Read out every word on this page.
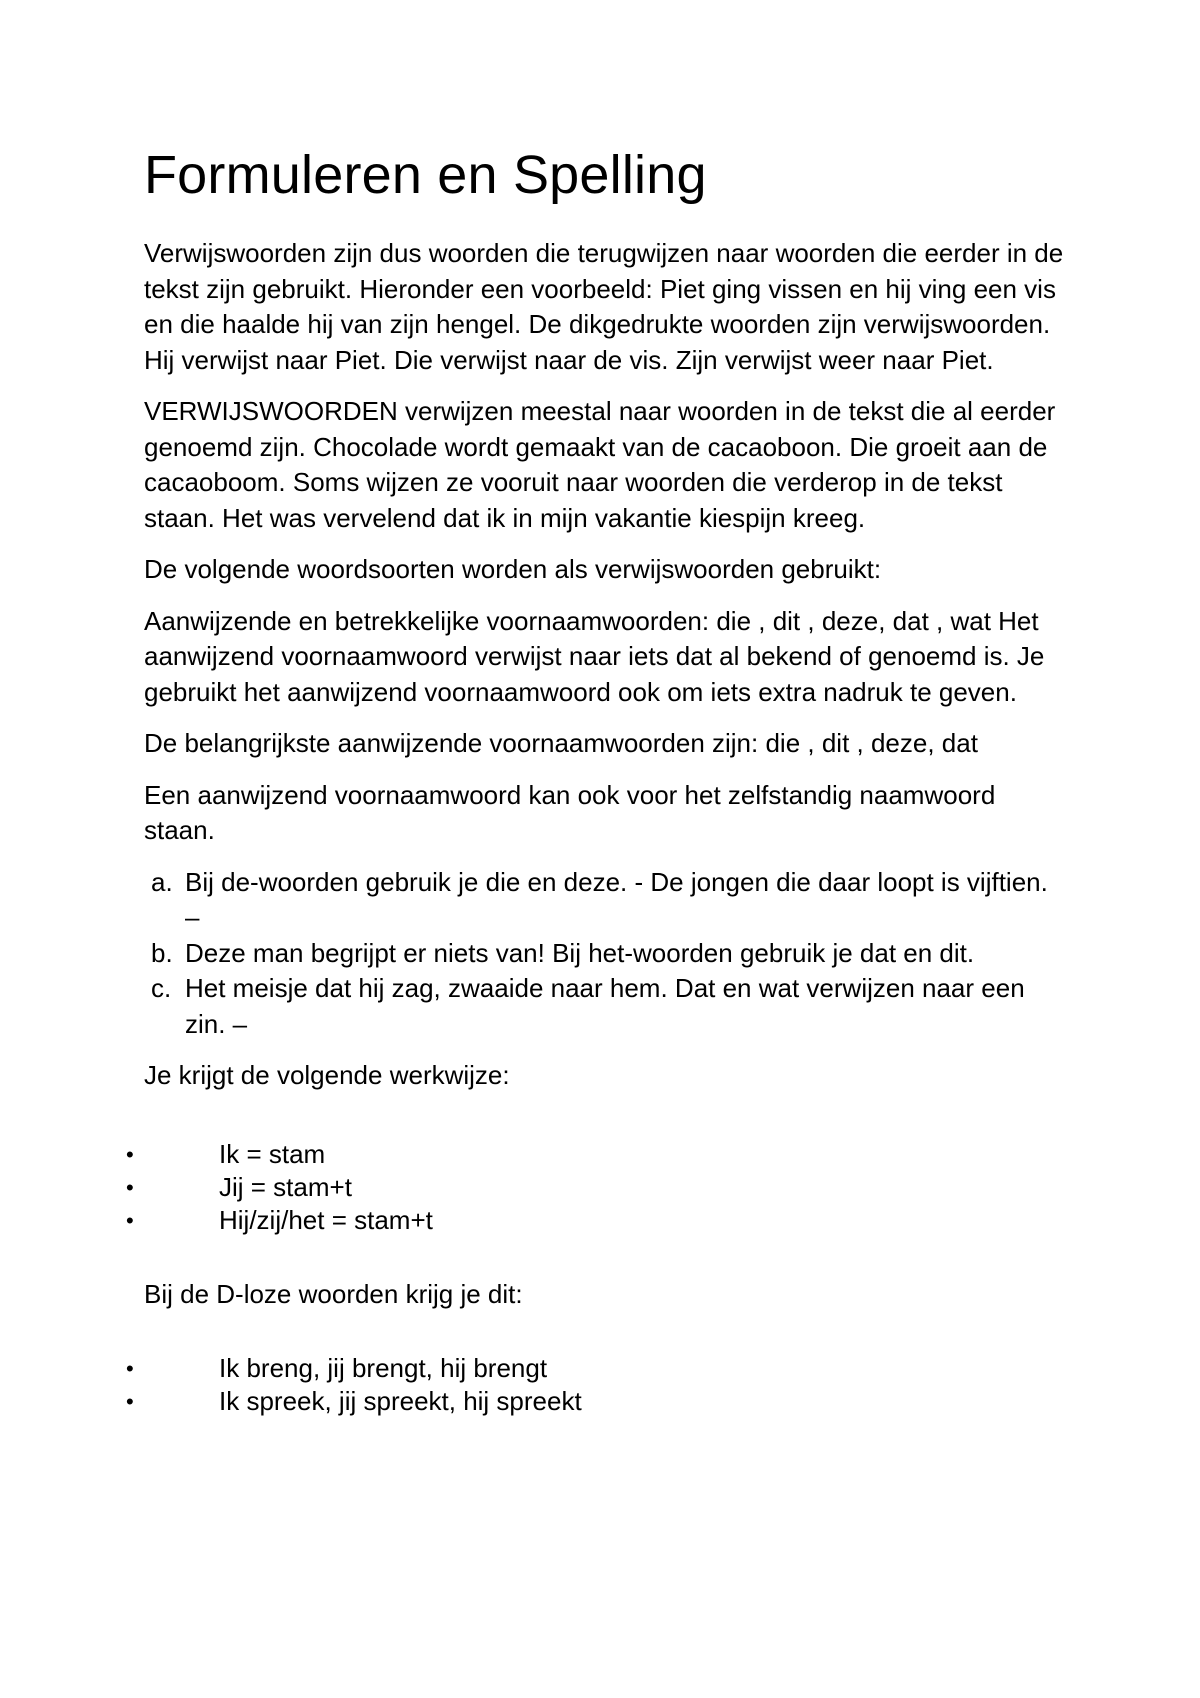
Formuleren en Spelling

Verwijswoorden zijn dus woorden die terugwijzen naar woorden die eerder in de tekst zijn gebruikt. Hieronder een voorbeeld: Piet ging vissen en hij ving een vis en die haalde hij van zijn hengel. De dikgedrukte woorden zijn verwijswoorden. Hij verwijst naar Piet. Die verwijst naar de vis. Zijn verwijst weer naar Piet.

VERWIJSWOORDEN verwijzen meestal naar woorden in de tekst die al eerder genoemd zijn. Chocolade wordt gemaakt van de cacaoboon. Die groeit aan de cacaoboom. Soms wijzen ze vooruit naar woorden die verderop in de tekst staan. Het was vervelend dat ik in mijn vakantie kiespijn kreeg.

De volgende woordsoorten worden als verwijswoorden gebruikt:

Aanwijzende en betrekkelijke voornaamwoorden: die , dit , deze, dat , wat Het aanwijzend voornaamwoord verwijst naar iets dat al bekend of genoemd is. Je gebruikt het aanwijzend voornaamwoord ook om iets extra nadruk te geven.

De belangrijkste aanwijzende voornaamwoorden zijn: die , dit , deze, dat

Een aanwijzend voornaamwoord kan ook voor het zelfstandig naamwoord staan.

a. Bij de-woorden gebruik je die en deze. - De jongen die daar loopt is vijftien. –
b. Deze man begrijpt er niets van! Bij het-woorden gebruik je dat en dit.
c. Het meisje dat hij zag, zwaaide naar hem. Dat en wat verwijzen naar een zin. –

Je krijgt de volgende werkwijze:

•	Ik = stam
•	Jij = stam+t
•	Hij/zij/het = stam+t

Bij de D-loze woorden krijg je dit:

•	Ik breng, jij brengt, hij brengt
•	Ik spreek, jij spreekt, hij spreekt
